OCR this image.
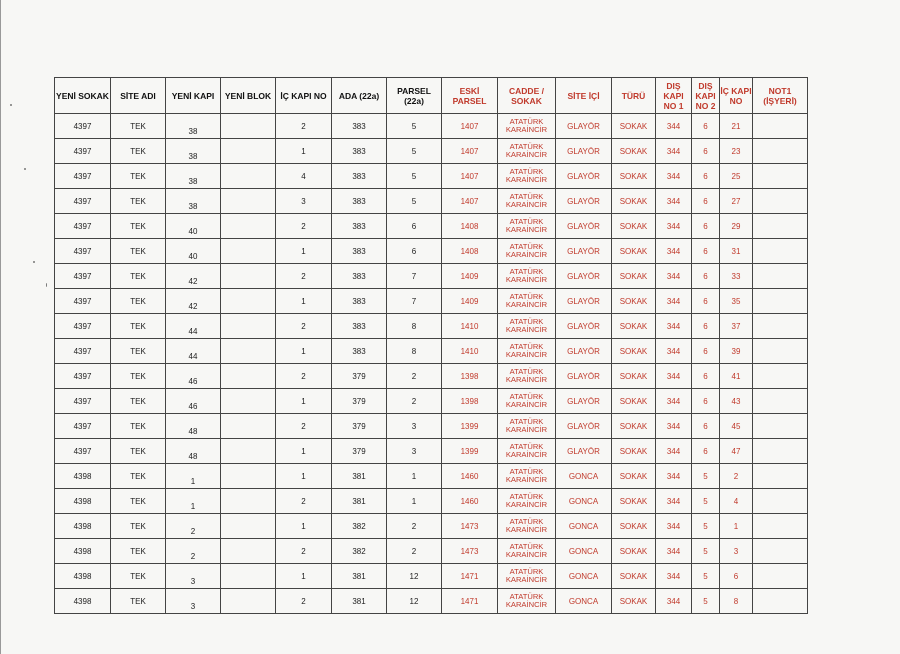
YENİ SOKAK	SİTE ADI	YENİ KAPI	YENİ BLOK	İÇ KAPI NO	ADA (22a)	PARSEL (22a)	ESKİ PARSEL	CADDE / SOKAK	SİTE İÇİ	TÜRÜ	DIŞ KAPI NO 1	DIŞ KAPI NO 2	İÇ KAPI NO	NOT1 (İŞYERİ)
4397	TEK	38		2	383	5	1407	ATATÜRK KARAİNCİR	GLAYÖR	SOKAK	344	6	21	
4397	TEK	38		1	383	5	1407	ATATÜRK KARAİNCİR	GLAYÖR	SOKAK	344	6	23	
4397	TEK	38		4	383	5	1407	ATATÜRK KARAİNCİR	GLAYÖR	SOKAK	344	6	25	
4397	TEK	38		3	383	5	1407	ATATÜRK KARAİNCİR	GLAYÖR	SOKAK	344	6	27	
4397	TEK	40		2	383	6	1408	ATATÜRK KARAİNCİR	GLAYÖR	SOKAK	344	6	29	
4397	TEK	40		1	383	6	1408	ATATÜRK KARAİNCİR	GLAYÖR	SOKAK	344	6	31	
4397	TEK	42		2	383	7	1409	ATATÜRK KARAİNCİR	GLAYÖR	SOKAK	344	6	33	
4397	TEK	42		1	383	7	1409	ATATÜRK KARAİNCİR	GLAYÖR	SOKAK	344	6	35	
4397	TEK	44		2	383	8	1410	ATATÜRK KARAİNCİR	GLAYÖR	SOKAK	344	6	37	
4397	TEK	44		1	383	8	1410	ATATÜRK KARAİNCİR	GLAYÖR	SOKAK	344	6	39	
4397	TEK	46		2	379	2	1398	ATATÜRK KARAİNCİR	GLAYÖR	SOKAK	344	6	41	
4397	TEK	46		1	379	2	1398	ATATÜRK KARAİNCİR	GLAYÖR	SOKAK	344	6	43	
4397	TEK	48		2	379	3	1399	ATATÜRK KARAİNCİR	GLAYÖR	SOKAK	344	6	45	
4397	TEK	48		1	379	3	1399	ATATÜRK KARAİNCİR	GLAYÖR	SOKAK	344	6	47	
4398	TEK	1		1	381	1	1460	ATATÜRK KARAİNCİR	GONCA	SOKAK	344	5	2	
4398	TEK	1		2	381	1	1460	ATATÜRK KARAİNCİR	GONCA	SOKAK	344	5	4	
4398	TEK	2		1	382	2	1473	ATATÜRK KARAİNCİR	GONCA	SOKAK	344	5	1	
4398	TEK	2		2	382	2	1473	ATATÜRK KARAİNCİR	GONCA	SOKAK	344	5	3	
4398	TEK	3		1	381	12	1471	ATATÜRK KARAİNCİR	GONCA	SOKAK	344	5	6	
4398	TEK	3		2	381	12	1471	ATATÜRK KARAİNCİR	GONCA	SOKAK	344	5	8	
